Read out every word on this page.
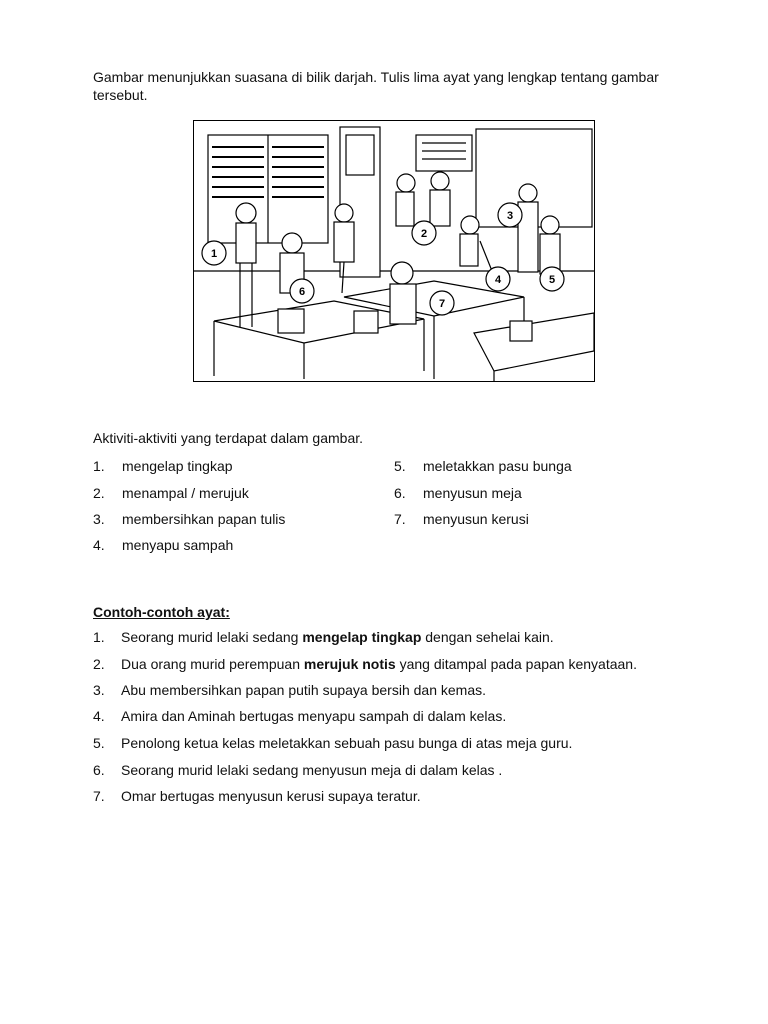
Gambar menunjukkan suasana di bilik darjah. Tulis lima ayat yang lengkap tentang gambar tersebut.

1
2
3
4	5
6
7

Aktiviti-aktiviti yang terdapat dalam gambar.

1. mengelap tingkap
2. menampal / merujuk
3. membersihkan papan tulis
4. menyapu sampah
5. meletakkan pasu bunga
6. menyusun meja
7. menyusun kerusi

Contoh-contoh ayat:

1. Seorang murid lelaki sedang mengelap tingkap dengan sehelai kain.
2. Dua orang murid perempuan merujuk notis yang ditampal pada papan kenyataan.
3. Abu membersihkan papan putih supaya bersih dan kemas.
4. Amira dan Aminah bertugas menyapu sampah di dalam kelas.
5. Penolong ketua kelas meletakkan sebuah pasu bunga di atas meja guru.
6. Seorang murid lelaki sedang menyusun meja di dalam kelas .
7. Omar bertugas menyusun kerusi supaya teratur.
